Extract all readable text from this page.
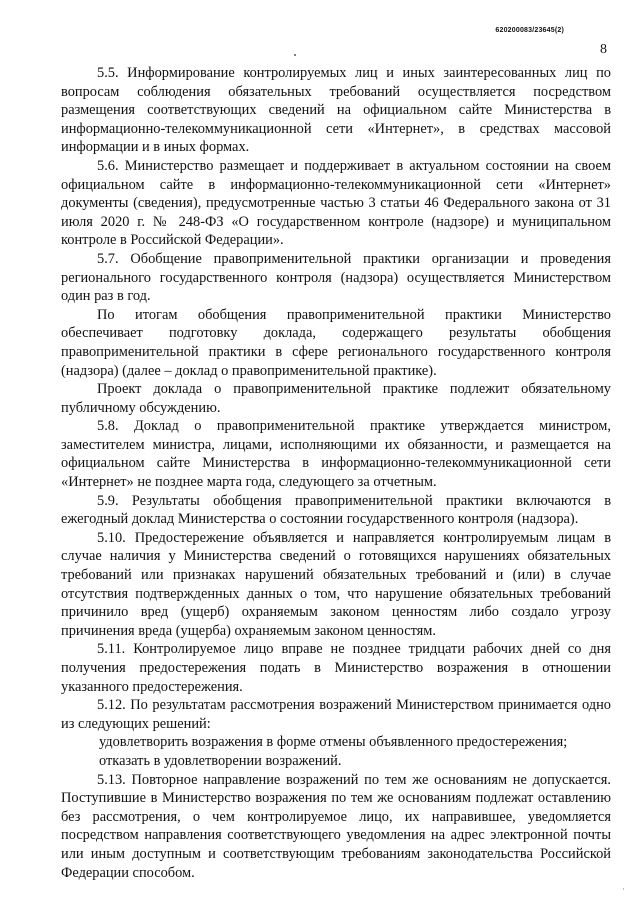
620200083/23645(2)
8

5.5. Информирование контролируемых лиц и иных заинтересованных лиц по вопросам соблюдения обязательных требований осуществляется посредством размещения соответствующих сведений на официальном сайте Министерства в информационно-телекоммуникационной сети «Интернет», в средствах массовой информации и в иных формах.

5.6. Министерство размещает и поддерживает в актуальном состоянии на своем официальном сайте в информационно-телекоммуникационной сети «Интернет» документы (сведения), предусмотренные частью 3 статьи 46 Федерального закона от 31 июля 2020 г. № 248-ФЗ «О государственном контроле (надзоре) и муниципальном контроле в Российской Федерации».

5.7. Обобщение правоприменительной практики организации и проведения регионального государственного контроля (надзора) осуществляется Министерством один раз в год.

По итогам обобщения правоприменительной практики Министерство обеспечивает подготовку доклада, содержащего результаты обобщения правоприменительной практики в сфере регионального государственного контроля (надзора) (далее – доклад о правоприменительной практике).

Проект доклада о правоприменительной практике подлежит обязательному публичному обсуждению.

5.8. Доклад о правоприменительной практике утверждается министром, заместителем министра, лицами, исполняющими их обязанности, и размещается на официальном сайте Министерства в информационно-телекоммуникационной сети «Интернет» не позднее марта года, следующего за отчетным.

5.9. Результаты обобщения правоприменительной практики включаются в ежегодный доклад Министерства о состоянии государственного контроля (надзора).

5.10. Предостережение объявляется и направляется контролируемым лицам в случае наличия у Министерства сведений о готовящихся нарушениях обязательных требований или признаках нарушений обязательных требований и (или) в случае отсутствия подтвержденных данных о том, что нарушение обязательных требований причинило вред (ущерб) охраняемым законом ценностям либо создало угрозу причинения вреда (ущерба) охраняемым законом ценностям.

5.11. Контролируемое лицо вправе не позднее тридцати рабочих дней со дня получения предостережения подать в Министерство возражения в отношении указанного предостережения.

5.12. По результатам рассмотрения возражений Министерством принимается одно из следующих решений:

удовлетворить возражения в форме отмены объявленного предостережения;

отказать в удовлетворении возражений.

5.13. Повторное направление возражений по тем же основаниям не допускается. Поступившие в Министерство возражения по тем же основаниям подлежат оставлению без рассмотрения, о чем контролируемое лицо, их направившее, уведомляется посредством направления соответствующего уведомления на адрес электронной почты или иным доступным и соответствующим требованиям законодательства Российской Федерации способом.

·
